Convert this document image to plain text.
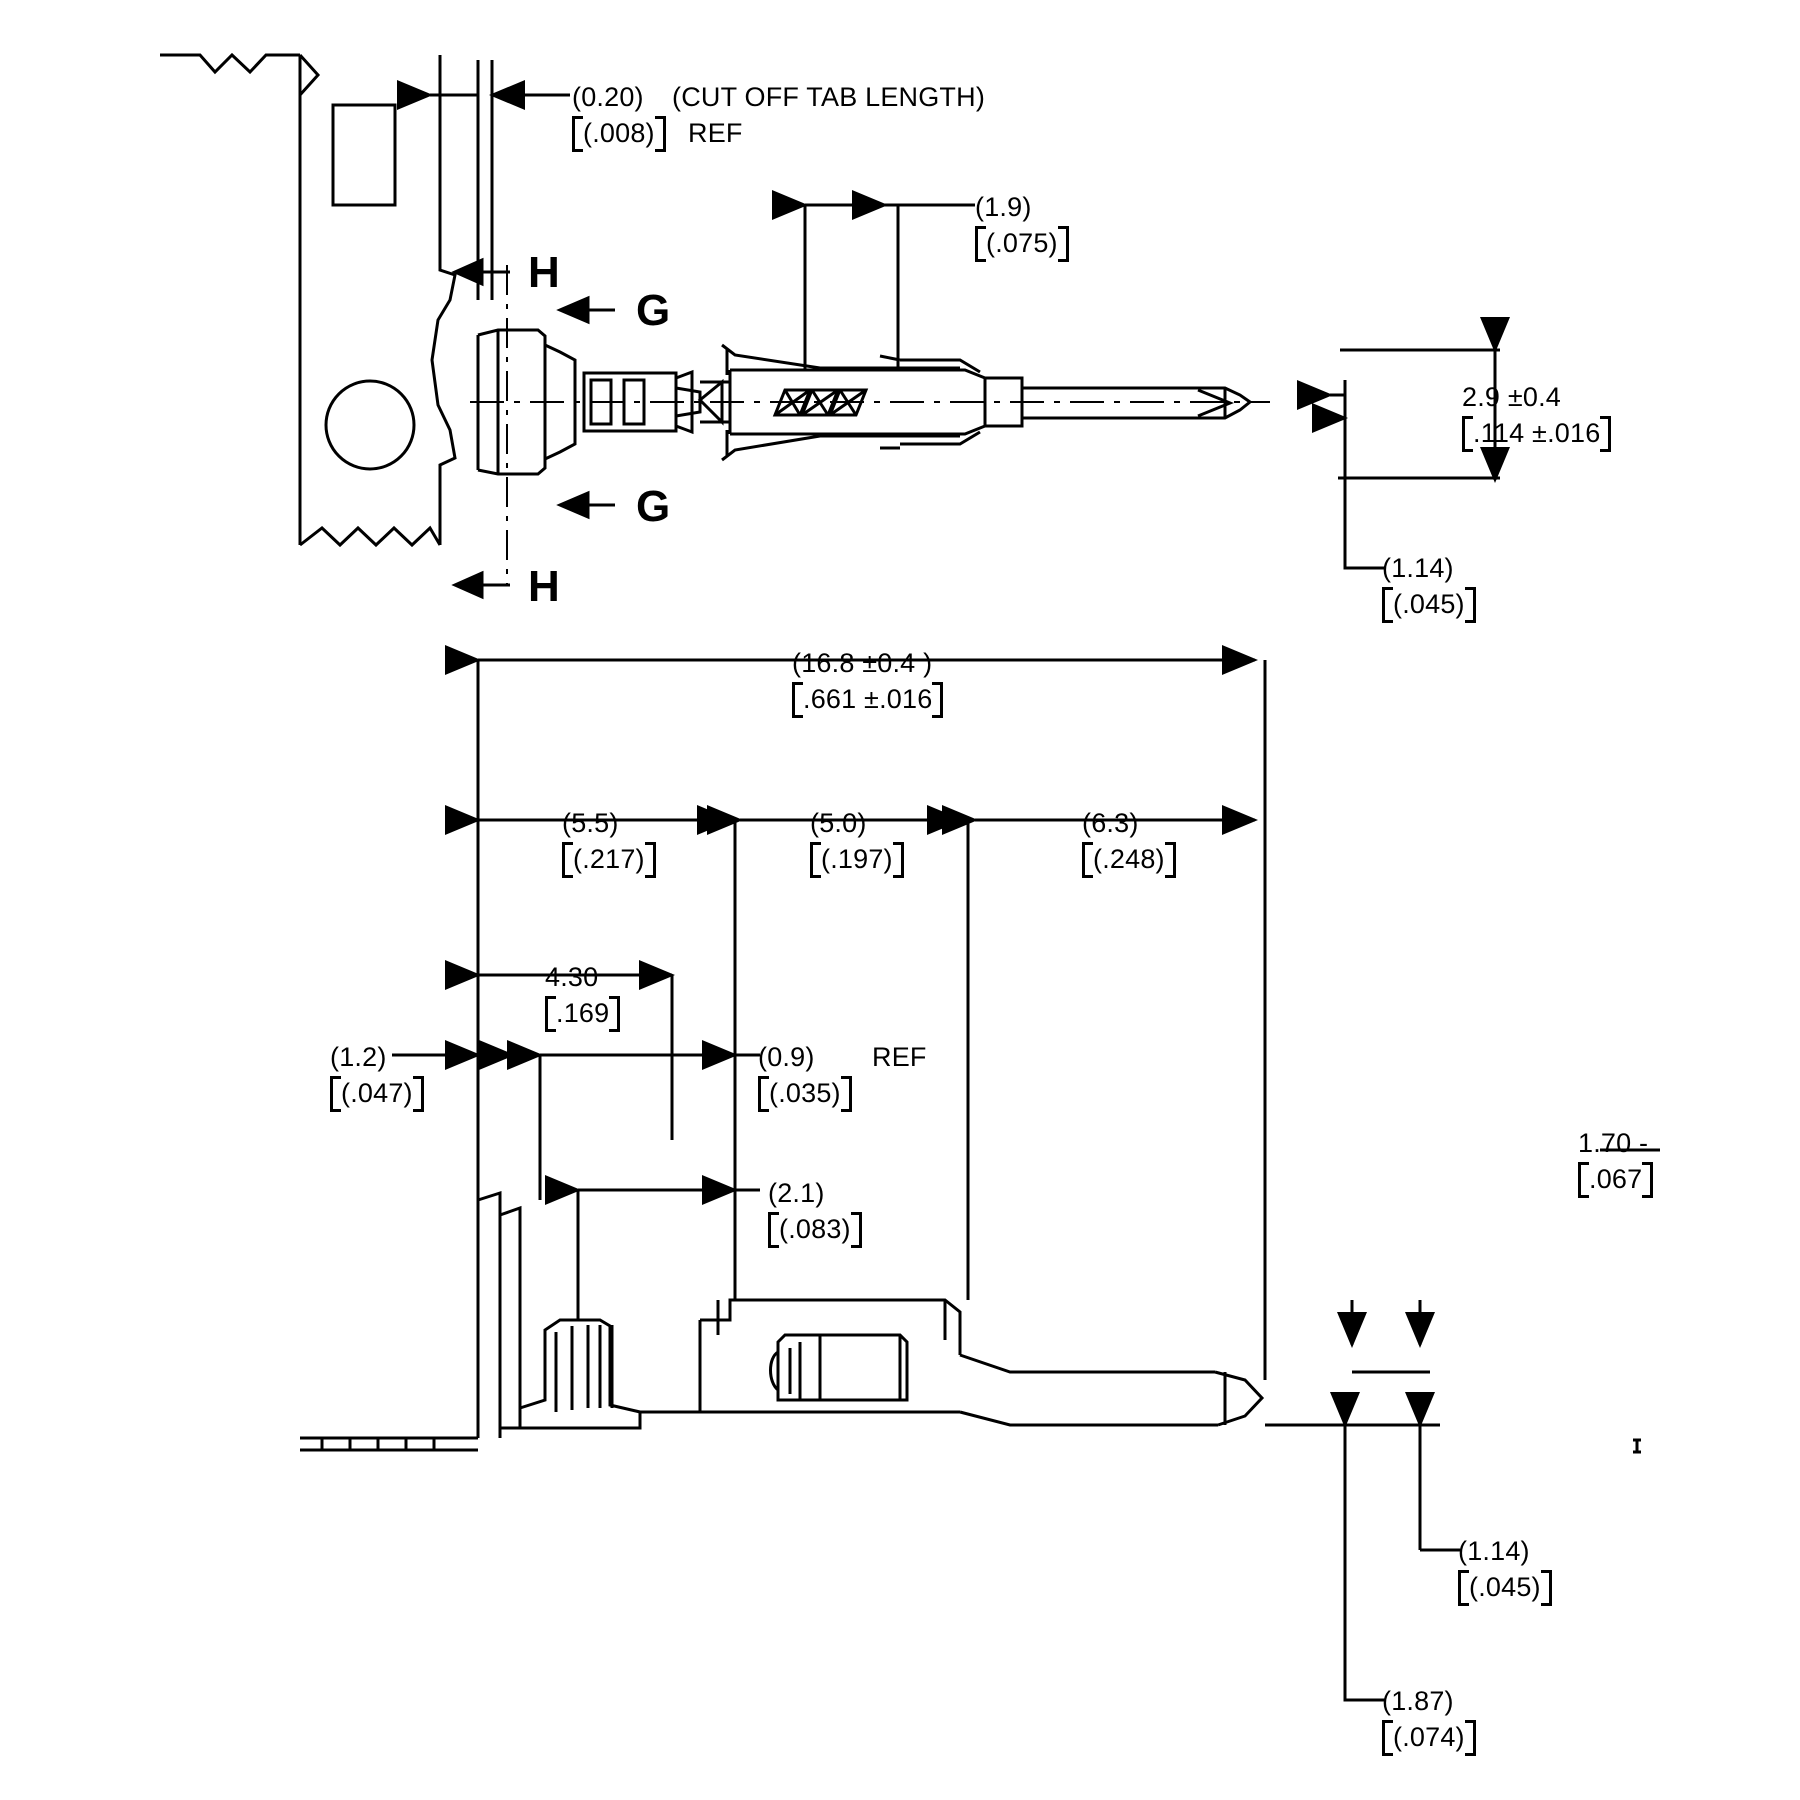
(0.20)
(.008)
(CUT OFF TAB LENGTH)
REF
(1.9)
(.075)
2.9 ±0.4
.114 ±.016
(1.14)
(.045)
(16.8 ±0.4 )
.661 ±.016
(5.5)
(.217)
(5.0)
(.197)
(6.3)
(.248)
4.30
.169
(1.2)
(.047)
(0.9)
(.035)
REF
(2.1)
(.083)
1.70 -
.067
(1.14)
(.045)
(1.87)
(.074)
H
G
G
H
